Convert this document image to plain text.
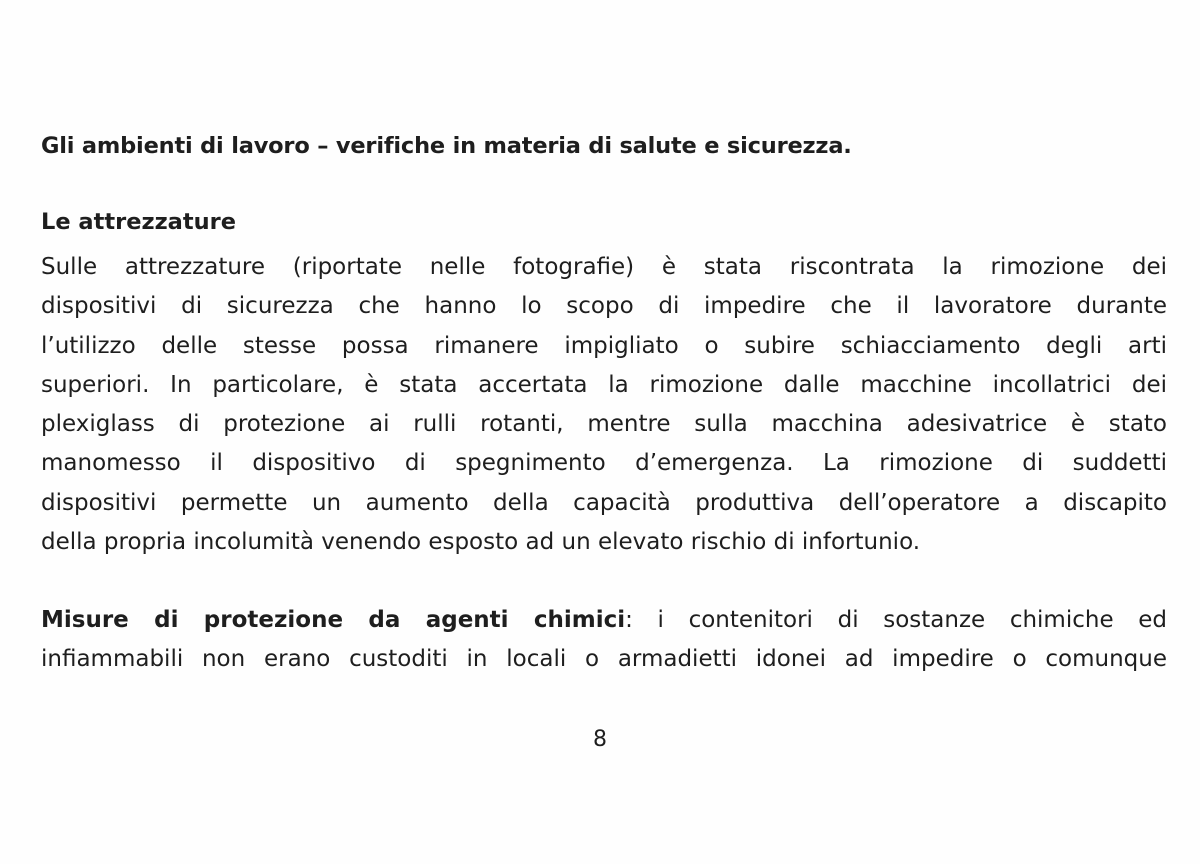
Gli ambienti di lavoro – verifiche in materia di salute e sicurezza.
Le attrezzature
Sulle attrezzature (riportate nelle fotografie) è stata riscontrata la rimozione dei
dispositivi di sicurezza che hanno lo scopo di impedire che il lavoratore durante
l’utilizzo delle stesse possa rimanere impigliato o subire schiacciamento degli arti
superiori. In particolare, è stata accertata la rimozione dalle macchine incollatrici dei
plexiglass di protezione ai rulli rotanti, mentre sulla macchina adesivatrice è stato
manomesso il dispositivo di spegnimento d’emergenza. La rimozione di suddetti
dispositivi permette un aumento della capacità produttiva dell’operatore a discapito
della propria incolumità venendo esposto ad un elevato rischio di infortunio.
Misure di protezione da agenti chimici: i contenitori di sostanze chimiche ed
infiammabili non erano custoditi in locali o armadietti idonei ad impedire o comunque
8
